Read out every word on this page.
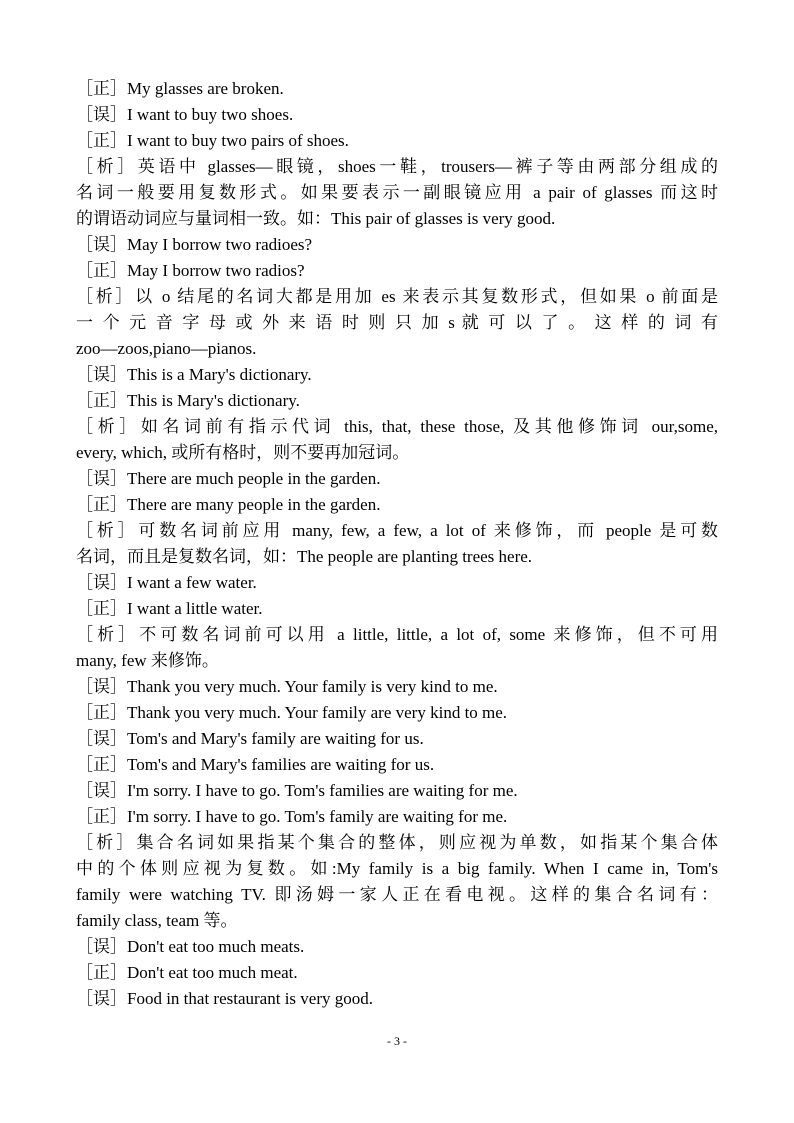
［正］My glasses are broken.
［误］I want to buy two shoes.
［正］I want to buy two pairs of shoes.
［析］英语中 glasses—眼镜，shoes一鞋，trousers—裤子等由两部分组成的
名词一般要用复数形式。如果要表示一副眼镜应用 a pair of glasses 而这时
的谓语动词应与量词相一致。如：This pair of glasses is very good.
［误］May I borrow two radioes?
［正］May I borrow two radios?
［析］以 o 结尾的名词大都是用加 es 来表示其复数形式，但如果 o 前面是
一 个 元 音 字 母 或 外 来 语 时 则 只 加 s 就 可 以 了 。 这 样 的 词 有
zoo—zoos,piano—pianos.
［误］This is a Mary's dictionary.
［正］This is Mary's dictionary.
［析］如名词前有指示代词 this, that, these those, 及其他修饰词 our,some,
every, which, 或所有格时，则不要再加冠词。
［误］There are much people in the garden.
［正］There are many people in the garden.
［析］可数名词前应用 many, few, a few, a lot of 来修饰，而 people 是可数
名词，而且是复数名词，如：The people are planting trees here.
［误］I want a few water.
［正］I want a little water.
［析］不可数名词前可以用 a little, little, a lot of, some 来修饰，但不可用
many, few 来修饰。
［误］Thank you very much. Your family is very kind to me.
［正］Thank you very much. Your family are very kind to me.
［误］Tom's and Mary's family are waiting for us.
［正］Tom's and Mary's families are waiting for us.
［误］I'm sorry. I have to go. Tom's families are waiting for me.
［正］I'm sorry. I have to go. Tom's family are waiting for me.
［析］集合名词如果指某个集合的整体，则应视为单数，如指某个集合体
中的个体则应视为复数。如:My family is a big family. When I came in, Tom's
family were watching TV. 即汤姆一家人正在看电视。这样的集合名词有：
family class, team 等。
［误］Don't eat too much meats.
［正］Don't eat too much meat.
［误］Food in that restaurant is very good.
- 3 -
